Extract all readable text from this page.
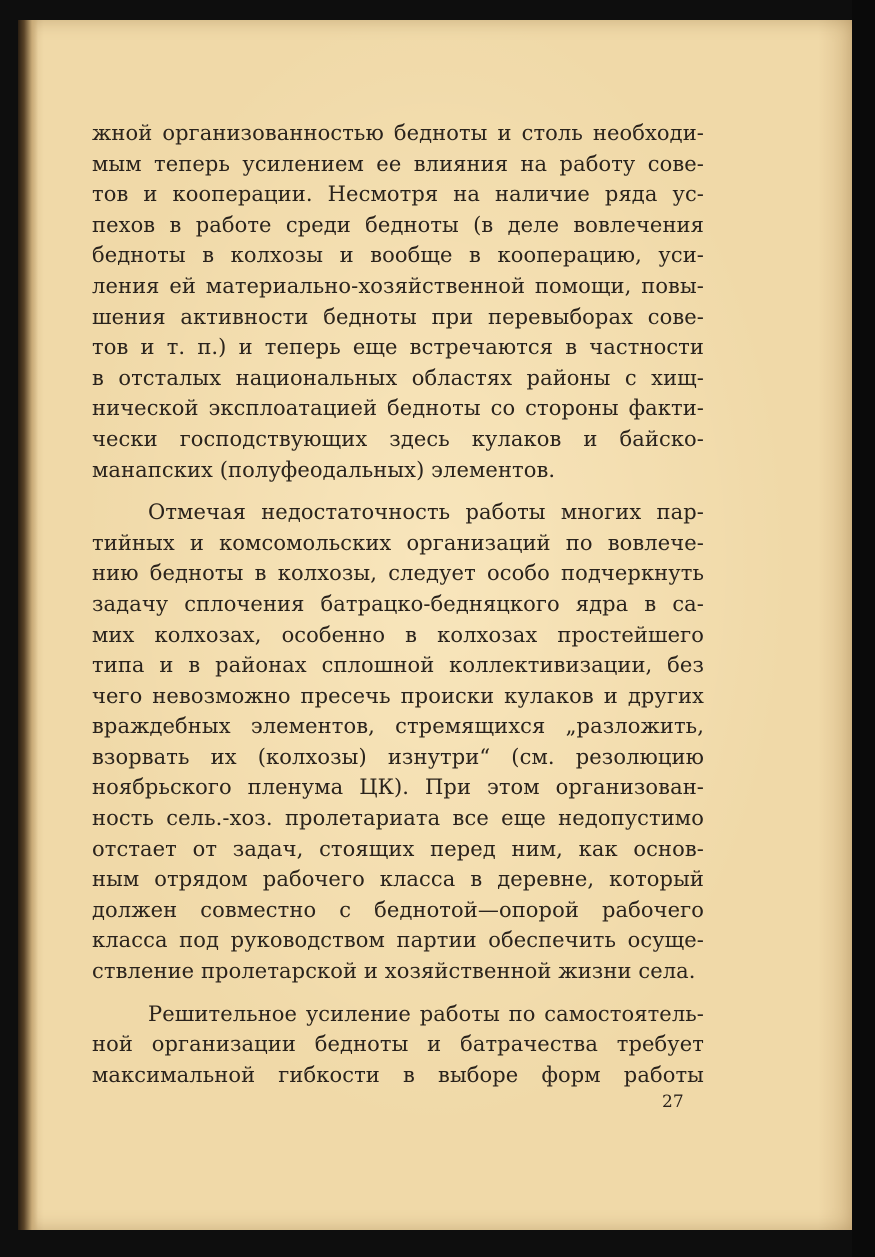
жной организованностью бедноты и столь необходи-
мым теперь усилением ее влияния на работу сове-
тов и кооперации. Несмотря на наличие ряда ус-
пехов в работе среди бедноты (в деле вовлечения
бедноты в колхозы и вообще в кооперацию, уси-
ления ей материально-хозяйственной помощи, повы-
шения активности бедноты при перевыборах сове-
тов и т. п.) и теперь еще встречаются в частности
в отсталых национальных областях районы с хищ-
нической эксплоатацией бедноты со стороны факти-
чески господствующих здесь кулаков и байско-
манапских (полуфеодальных) элементов.

Отмечая недостаточность работы многих пар-
тийных и комсомольских организаций по вовлече-
нию бедноты в колхозы, следует особо подчеркнуть
задачу сплочения батрацко-бедняцкого ядра в са-
мих колхозах, особенно в колхозах простейшего
типа и в районах сплошной коллективизации, без
чего невозможно пресечь происки кулаков и других
враждебных элементов, стремящихся „разложить,
взорвать их (колхозы) изнутри“ (см. резолюцию
ноябрьского пленума ЦК). При этом организован-
ность сель.-хоз. пролетариата все еще недопустимо
отстает от задач, стоящих перед ним, как основ-
ным отрядом рабочего класса в деревне, который
должен совместно с беднотой—опорой рабочего
класса под руководством партии обеспечить осуще-
ствление пролетарской и хозяйственной жизни села.

Решительное усиление работы по самостоятель-
ной организации бедноты и батрачества требует
максимальной гибкости в выборе форм работы

27
